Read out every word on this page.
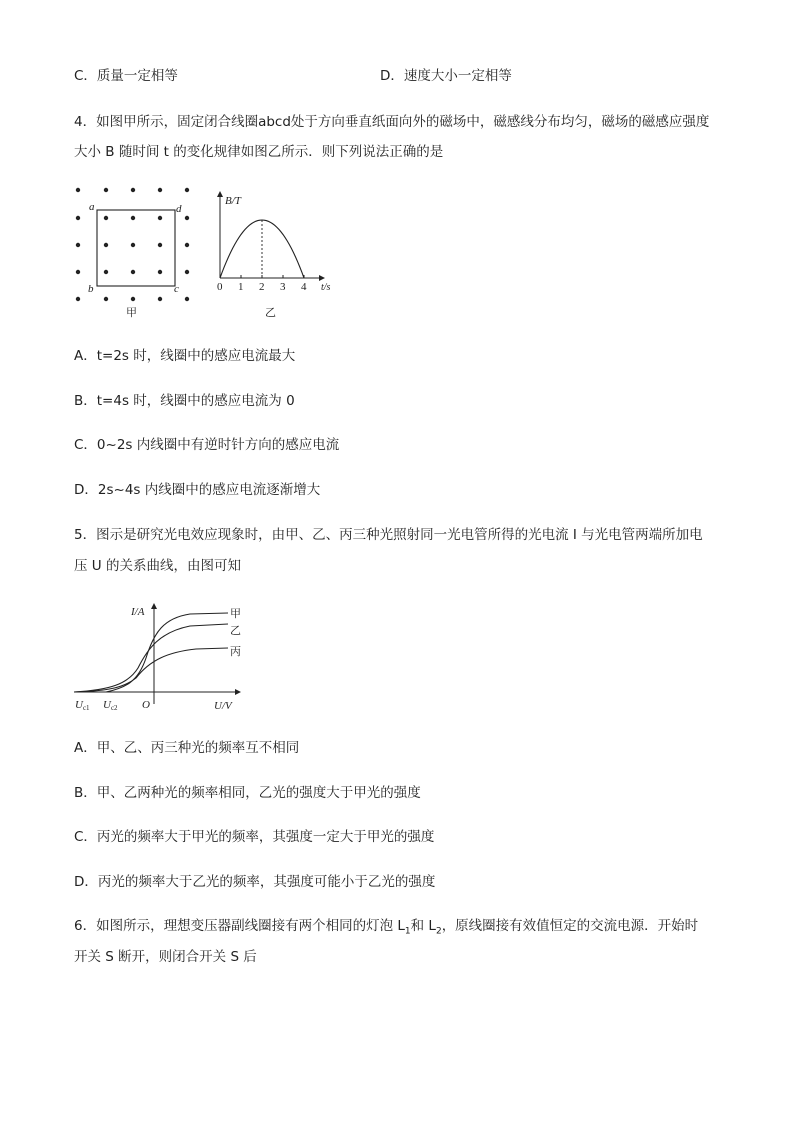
C．质量一定相等	D．速度大小一定相等
4．如图甲所示，固定闭合线圈abcd处于方向垂直纸面向外的磁场中，磁感线分布均匀，磁场的磁感应强度
大小 B 随时间 t 的变化规律如图乙所示．则下列说法正确的是
a	d
b	c
甲
B/T
t/s
0 1 2 3 4
乙
A．t=2s 时，线圈中的感应电流最大
B．t=4s 时，线圈中的感应电流为 0
C．0~2s 内线圈中有逆时针方向的感应电流
D．2s~4s 内线圈中的感应电流逐渐增大
5．图示是研究光电效应现象时，由甲、乙、丙三种光照射同一光电管所得的光电流 I 与光电管两端所加电
压 U 的关系曲线，由图可知
I/A
U/V
O
Uc1 Uc2
甲
乙
丙
A．甲、乙、丙三种光的频率互不相同
B．甲、乙两种光的频率相同，乙光的强度大于甲光的强度
C．丙光的频率大于甲光的频率，其强度一定大于甲光的强度
D．丙光的频率大于乙光的频率，其强度可能小于乙光的强度
6．如图所示，理想变压器副线圈接有两个相同的灯泡 $L_1$和 $L_2$，原线圈接有效值恒定的交流电源．开始时
开关 S 断开，则闭合开关 S 后
